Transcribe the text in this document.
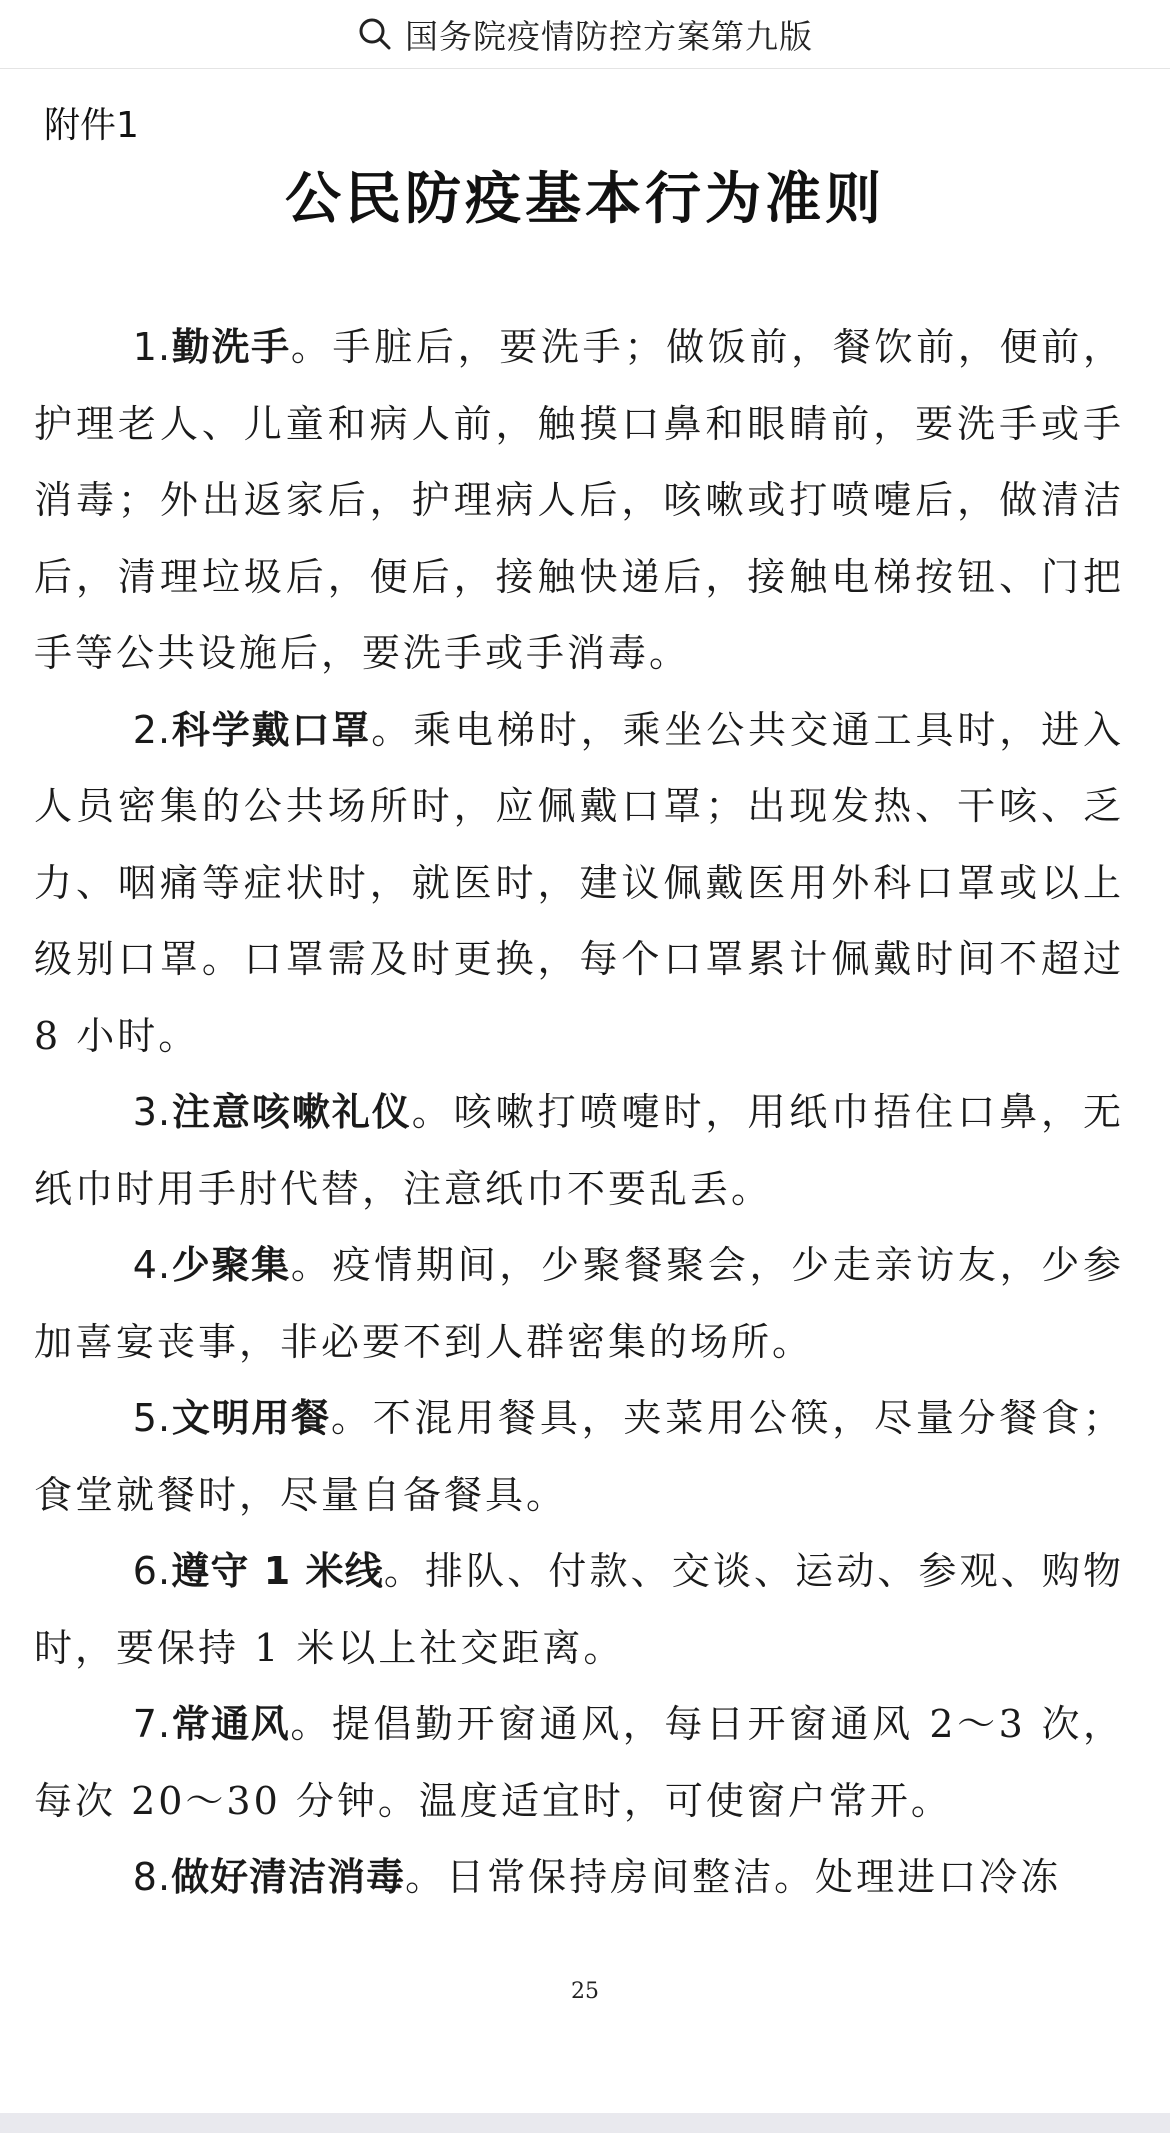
国务院疫情防控方案第九版
附件1
公民防疫基本行为准则

1.勤洗手。手脏后，要洗手；做饭前，餐饮前，便前，护理老人、儿童和病人前，触摸口鼻和眼睛前，要洗手或手消毒；外出返家后，护理病人后，咳嗽或打喷嚏后，做清洁后，清理垃圾后，便后，接触快递后，接触电梯按钮、门把手等公共设施后，要洗手或手消毒。

2.科学戴口罩。乘电梯时，乘坐公共交通工具时，进入人员密集的公共场所时，应佩戴口罩；出现发热、干咳、乏力、咽痛等症状时，就医时，建议佩戴医用外科口罩或以上级别口罩。口罩需及时更换，每个口罩累计佩戴时间不超过 8 小时。

3.注意咳嗽礼仪。咳嗽打喷嚏时，用纸巾捂住口鼻，无纸巾时用手肘代替，注意纸巾不要乱丢。

4.少聚集。疫情期间，少聚餐聚会，少走亲访友，少参加喜宴丧事，非必要不到人群密集的场所。

5.文明用餐。不混用餐具，夹菜用公筷，尽量分餐食；食堂就餐时，尽量自备餐具。

6.遵守 1 米线。排队、付款、交谈、运动、参观、购物时，要保持 1 米以上社交距离。

7.常通风。提倡勤开窗通风，每日开窗通风 2～3 次，每次 20～30 分钟。温度适宜时，可使窗户常开。

8.做好清洁消毒。日常保持房间整洁。处理进口冷冻

25
